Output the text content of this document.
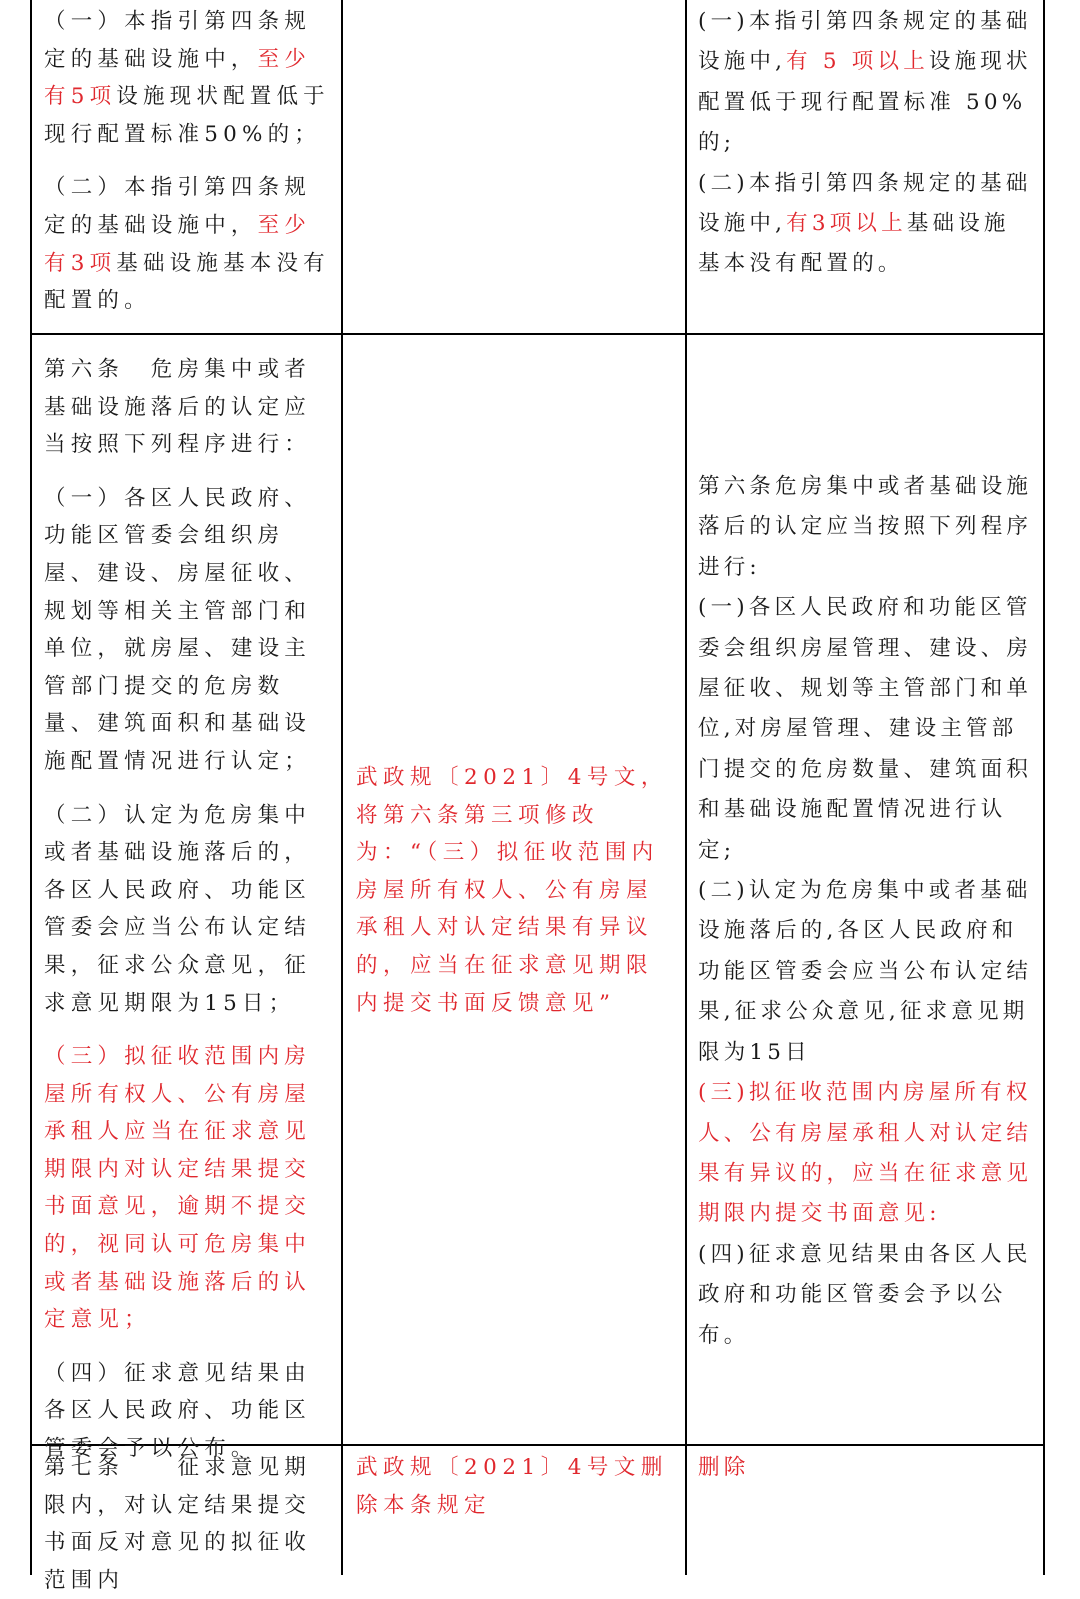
（一）本指引第四条规定的基础设施中，至少有5项设施现状配置低于现行配置标准50%的；

（二）本指引第四条规定的基础设施中，至少有3项基础设施基本没有配置的。

(一)本指引第四条规定的基础设施中,有 5 项以上设施现状配置低于现行配置标准 50%的;

(二)本指引第四条规定的基础设施中,有3项以上基础设施基本没有配置的。

第六条　危房集中或者基础设施落后的认定应当按照下列程序进行：

（一）各区人民政府、功能区管委会组织房屋、建设、房屋征收、规划等相关主管部门和单位，就房屋、建设主管部门提交的危房数量、建筑面积和基础设施配置情况进行认定；

（二）认定为危房集中或者基础设施落后的，各区人民政府、功能区管委会应当公布认定结果，征求公众意见，征求意见期限为15日；

（三）拟征收范围内房屋所有权人、公有房屋承租人应当在征求意见期限内对认定结果提交书面意见，逾期不提交的，视同认可危房集中或者基础设施落后的认定意见；

（四）征求意见结果由各区人民政府、功能区管委会予以公布。

武政规〔2021〕4号文，将第六条第三项修改为：“（三）拟征收范围内房屋所有权人、公有房屋承租人对认定结果有异议的，应当在征求意见期限内提交书面反馈意见”

第六条危房集中或者基础设施落后的认定应当按照下列程序进行:

(一)各区人民政府和功能区管委会组织房屋管理、建设、房屋征收、规划等主管部门和单位,对房屋管理、建设主管部门提交的危房数量、建筑面积和基础设施配置情况进行认定;

(二)认定为危房集中或者基础设施落后的,各区人民政府和功能区管委会应当公布认定结果,征求公众意见,征求意见期限为15日

(三)拟征收范围内房屋所有权人、公有房屋承租人对认定结果有异议的，应当在征求意见期限内提交书面意见:

(四)征求意见结果由各区人民政府和功能区管委会予以公布。

第七条　　征求意见期限内，对认定结果提交书面反对意见的拟征收范围内

武政规〔2021〕4号文删除本条规定

删除
